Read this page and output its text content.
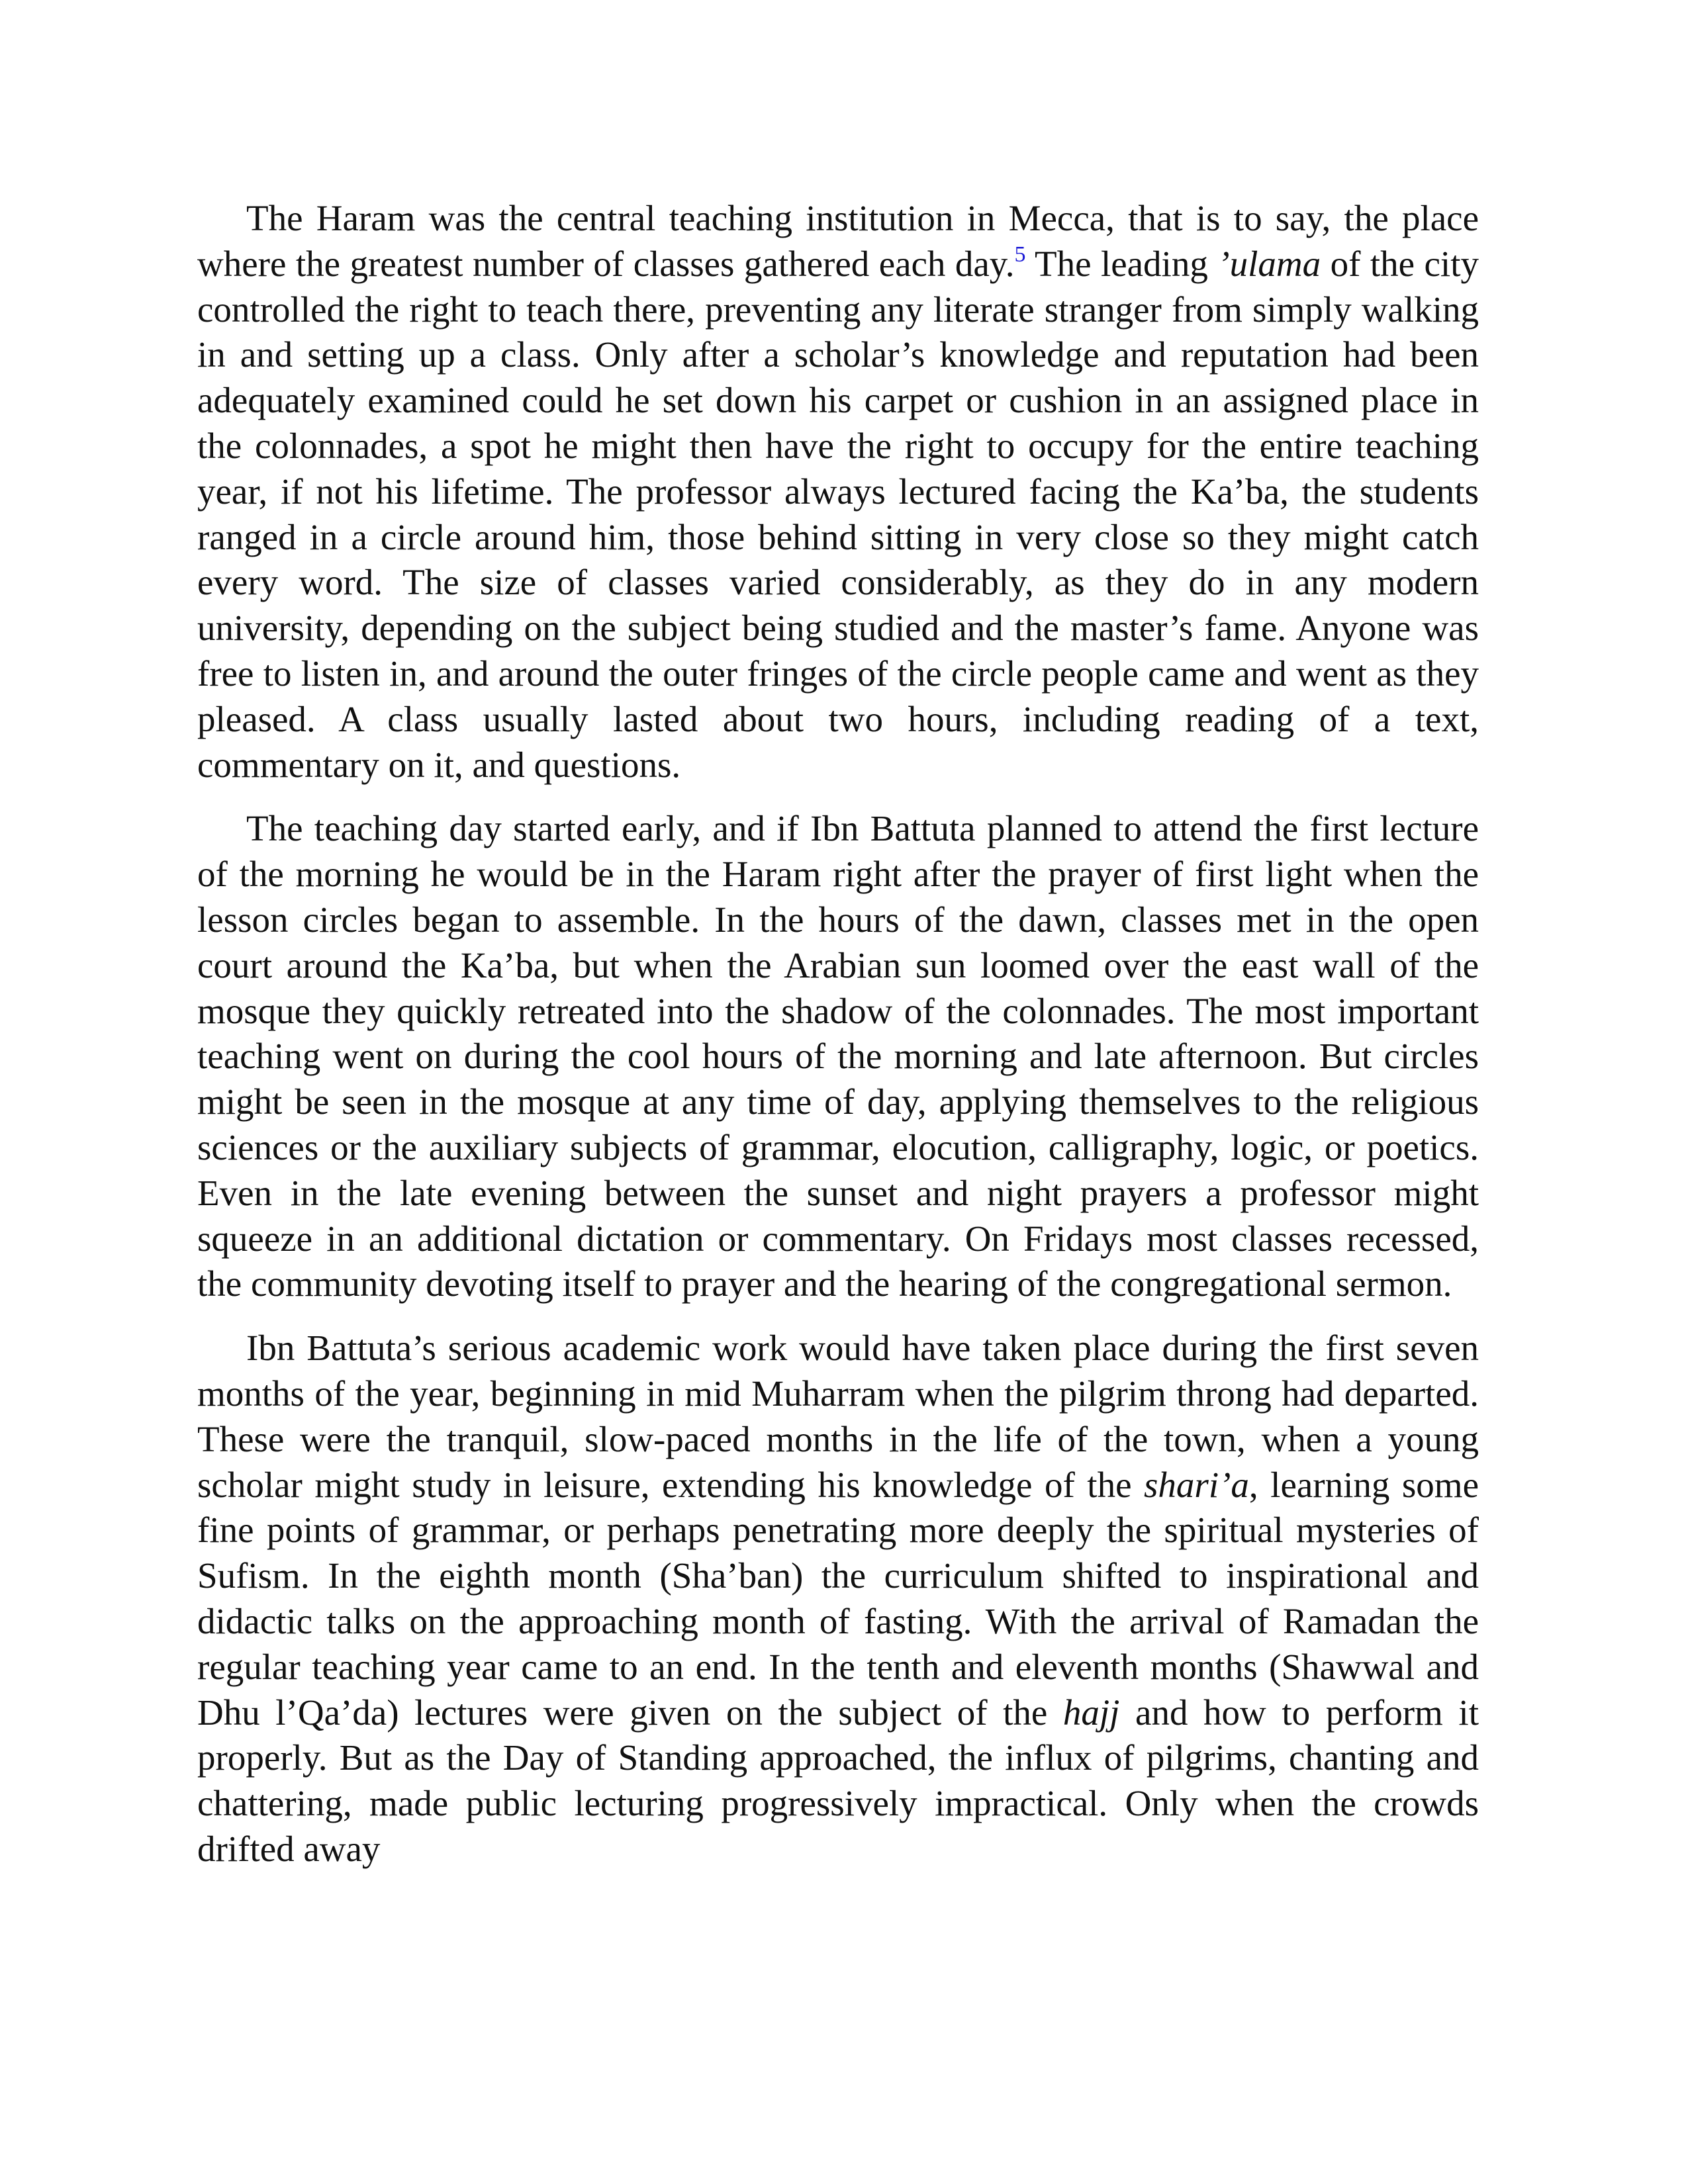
The Haram was the central teaching institution in Mecca, that is to say, the place where the greatest number of classes gathered each day.$^5$ The leading ’ulama of the city controlled the right to teach there, preventing any literate stranger from simply walking in and setting up a class. Only after a scholar’s knowledge and reputation had been adequately examined could he set down his carpet or cushion in an assigned place in the colonnades, a spot he might then have the right to occupy for the entire teaching year, if not his lifetime. The professor always lectured facing the Ka’ba, the students ranged in a circle around him, those behind sitting in very close so they might catch every word. The size of classes varied considerably, as they do in any modern university, depending on the subject being studied and the master’s fame. Anyone was free to listen in, and around the outer fringes of the circle people came and went as they pleased. A class usually lasted about two hours, including reading of a text, commentary on it, and questions.

The teaching day started early, and if Ibn Battuta planned to attend the first lecture of the morning he would be in the Haram right after the prayer of first light when the lesson circles began to assemble. In the hours of the dawn, classes met in the open court around the Ka’ba, but when the Arabian sun loomed over the east wall of the mosque they quickly retreated into the shadow of the colonnades. The most important teaching went on during the cool hours of the morning and late afternoon. But circles might be seen in the mosque at any time of day, applying themselves to the religious sciences or the auxiliary subjects of grammar, elocution, calligraphy, logic, or poetics. Even in the late evening between the sunset and night prayers a professor might squeeze in an additional dictation or commentary. On Fridays most classes recessed, the community devoting itself to prayer and the hearing of the congregational sermon.

Ibn Battuta’s serious academic work would have taken place during the first seven months of the year, beginning in mid Muharram when the pilgrim throng had departed. These were the tranquil, slow-paced months in the life of the town, when a young scholar might study in leisure, extending his knowledge of the shari’a, learning some fine points of grammar, or perhaps penetrating more deeply the spiritual mysteries of Sufism. In the eighth month (Sha’ban) the curriculum shifted to inspirational and didactic talks on the approaching month of fasting. With the arrival of Ramadan the regular teaching year came to an end. In the tenth and eleventh months (Shawwal and Dhu l’Qa’da) lectures were given on the subject of the hajj and how to perform it properly. But as the Day of Standing approached, the influx of pilgrims, chanting and chattering, made public lecturing progressively impractical. Only when the crowds drifted away
